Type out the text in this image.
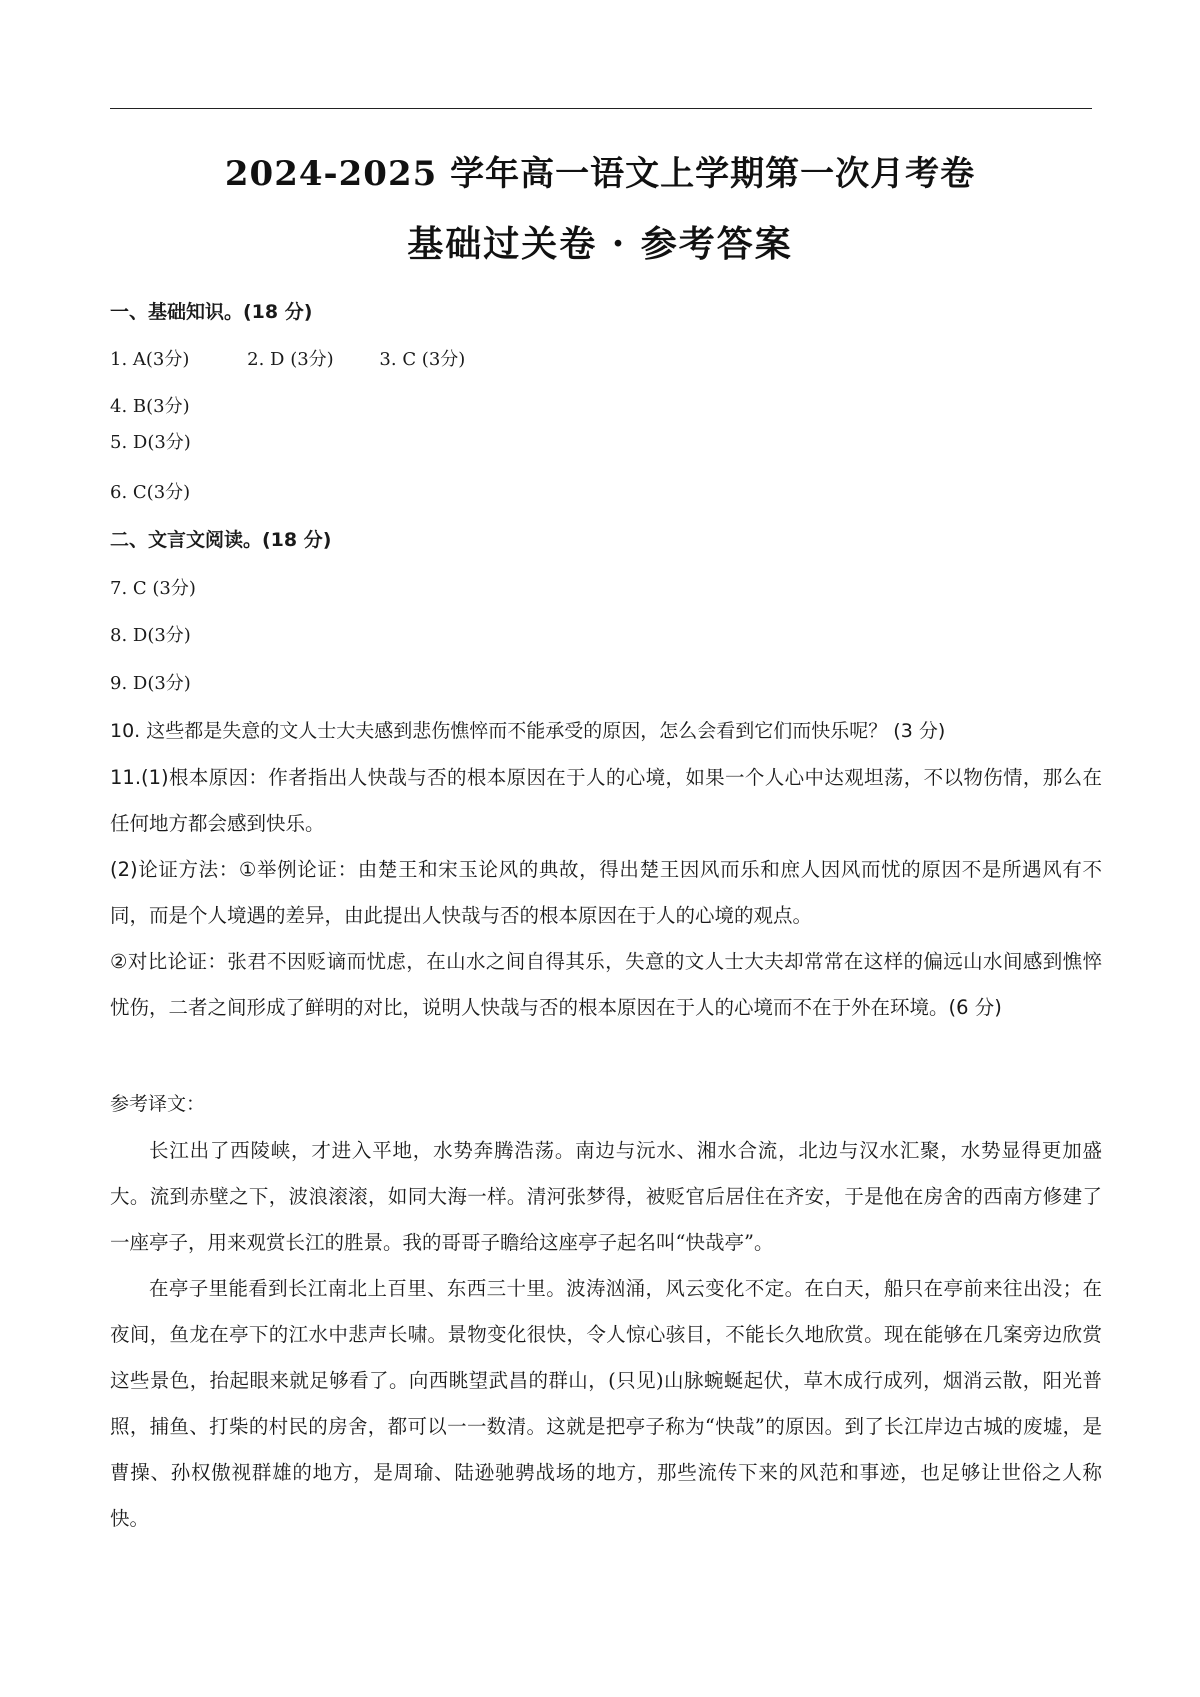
2024-2025 学年高一语文上学期第一次月考卷
基础过关卷 · 参考答案
一、基础知识。(18 分)
1. A(3分)	2. D (3分)	3. C (3分)
4. B(3分)
5. D(3分)
6. C(3分)
二、文言文阅读。(18 分)
7. C (3分)
8. D(3分)
9. D(3分)
10. 这些都是失意的文人士大夫感到悲伤憔悴而不能承受的原因，怎么会看到它们而快乐呢？ (3 分)
11.(1)根本原因：作者指出人快哉与否的根本原因在于人的心境，如果一个人心中达观坦荡，不以物伤情，那么在任何地方都会感到快乐。
(2)论证方法：①举例论证：由楚王和宋玉论风的典故，得出楚王因风而乐和庶人因风而忧的原因不是所遇风有不同，而是个人境遇的差异，由此提出人快哉与否的根本原因在于人的心境的观点。
②对比论证：张君不因贬谪而忧虑，在山水之间自得其乐，失意的文人士大夫却常常在这样的偏远山水间感到憔悴忧伤，二者之间形成了鲜明的对比，说明人快哉与否的根本原因在于人的心境而不在于外在环境。(6 分)
参考译文：
长江出了西陵峡，才进入平地，水势奔腾浩荡。南边与沅水、湘水合流，北边与汉水汇聚，水势显得更加盛大。流到赤壁之下，波浪滚滚，如同大海一样。清河张梦得，被贬官后居住在齐安，于是他在房舍的西南方修建了一座亭子，用来观赏长江的胜景。我的哥哥子瞻给这座亭子起名叫“快哉亭”。
在亭子里能看到长江南北上百里、东西三十里。波涛汹涌，风云变化不定。在白天，船只在亭前来往出没；在夜间，鱼龙在亭下的江水中悲声长啸。景物变化很快，令人惊心骇目，不能长久地欣赏。现在能够在几案旁边欣赏这些景色，抬起眼来就足够看了。向西眺望武昌的群山，(只见)山脉蜿蜒起伏，草木成行成列，烟消云散，阳光普照，捕鱼、打柴的村民的房舍，都可以一一数清。这就是把亭子称为“快哉”的原因。到了长江岸边古城的废墟，是曹操、孙权傲视群雄的地方，是周瑜、陆逊驰骋战场的地方，那些流传下来的风范和事迹，也足够让世俗之人称快。
